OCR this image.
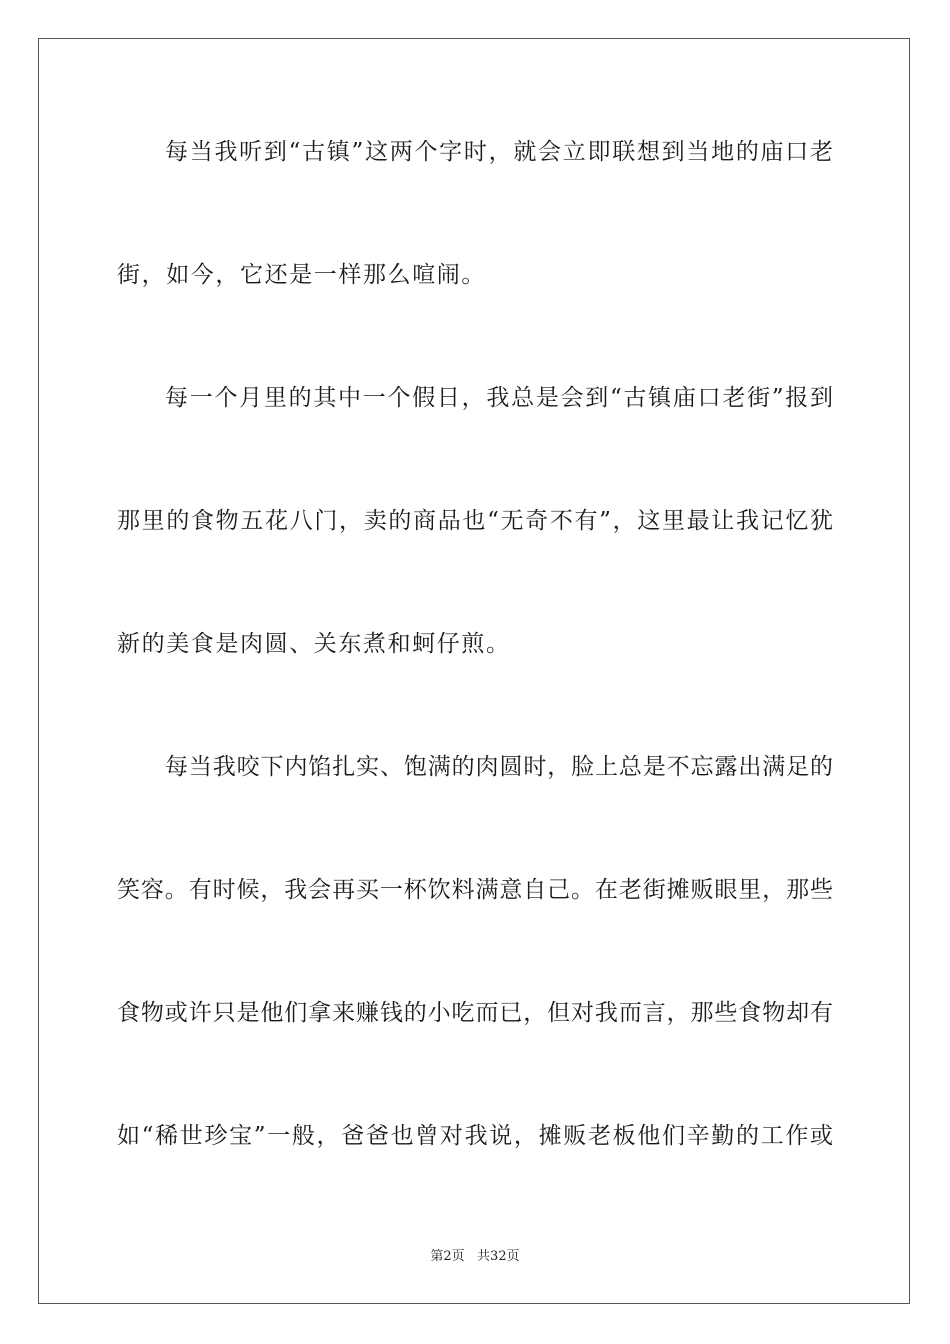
每当我听到“古镇”这两个字时，就会立即联想到当地的庙口老
街，如今，它还是一样那么喧闹。
每一个月里的其中一个假日，我总是会到“古镇庙口老街”报到
那里的食物五花八门，卖的商品也“无奇不有”，这里最让我记忆犹
新的美食是肉圆、关东煮和蚵仔煎。
每当我咬下内馅扎实、饱满的肉圆时，脸上总是不忘露出满足的
笑容。有时候，我会再买一杯饮料满意自己。在老街摊贩眼里，那些
食物或许只是他们拿来赚钱的小吃而已，但对我而言，那些食物却有
如“稀世珍宝”一般，爸爸也曾对我说，摊贩老板他们辛勤的工作或
第2页   共32页
